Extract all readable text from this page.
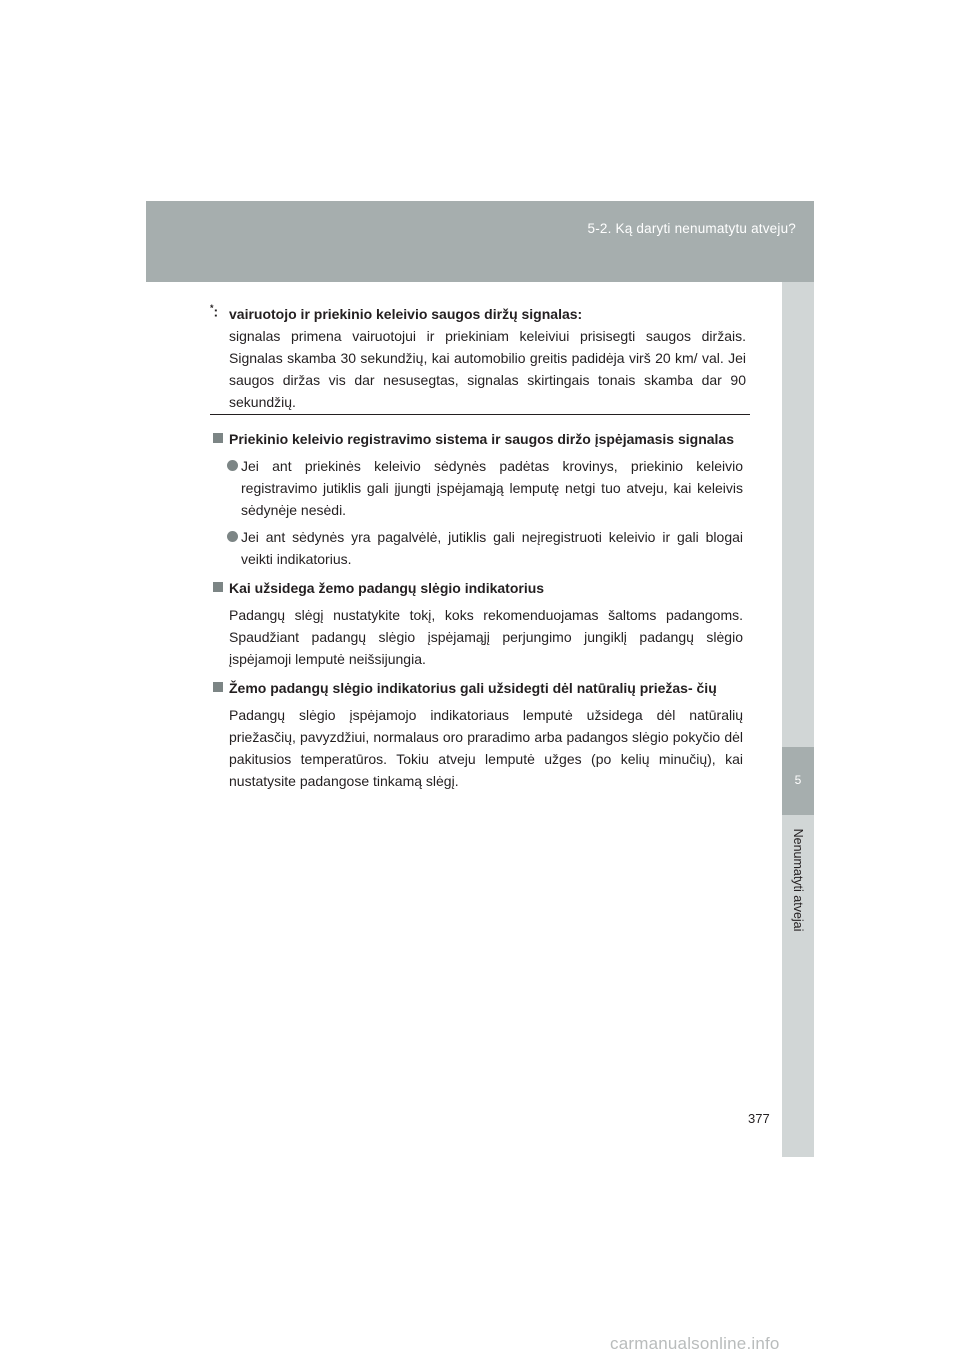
5-2. Ką daryti nenumatytu atveju?
5
Nenumatyti atvejai
*: vairuotojo ir priekinio keleivio saugos diržų signalas:
signalas primena vairuotojui ir priekiniam keleiviui prisisegti saugos diržais. Signalas skamba 30 sekundžių, kai automobilio greitis padidėja virš 20 km/ val. Jei saugos diržas vis dar nesusegtas, signalas skirtingais tonais skamba dar 90 sekundžių.
Priekinio keleivio registravimo sistema ir saugos diržo įspėjamasis signalas
Jei ant priekinės keleivio sėdynės padėtas krovinys, priekinio keleivio registravimo jutiklis gali įjungti įspėjamąją lemputę netgi tuo atveju, kai keleivis sėdynėje nesėdi.
Jei ant sėdynės yra pagalvėlė, jutiklis gali neįregistruoti keleivio ir gali blogai veikti indikatorius.
Kai užsidega žemo padangų slėgio indikatorius
Padangų slėgį nustatykite tokį, koks rekomenduojamas šaltoms padangoms. Spaudžiant padangų slėgio įspėjamąjį perjungimo jungiklį padangų slėgio įspėjamoji lemputė neišsijungia.
Žemo padangų slėgio indikatorius gali užsidegti dėl natūralių priežas- čių
Padangų slėgio įspėjamojo indikatoriaus lemputė užsidega dėl natūralių priežasčių, pavyzdžiui, normalaus oro praradimo arba padangos slėgio pokyčio dėl pakitusios temperatūros. Tokiu atveju lemputė užges (po kelių minučių), kai nustatysite padangose tinkamą slėgį.
377
carmanualsonline.info
